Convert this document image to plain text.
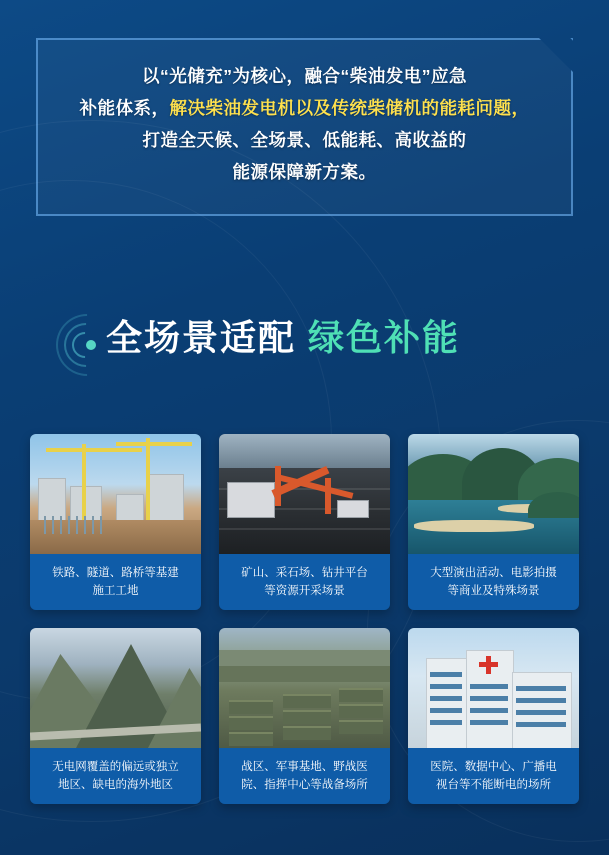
以“光储充”为核心，融合“柴油发电”应急
补能体系，解决柴油发电机以及传统柴储机的能耗问题，
打造全天候、全场景、低能耗、高收益的
能源保障新方案。
全场景适配 绿色补能
铁路、隧道、路桥等基建
施工工地
矿山、采石场、钻井平台
等资源开采场景
大型演出活动、电影拍摄
等商业及特殊场景
无电网覆盖的偏远或独立
地区、缺电的海外地区
战区、军事基地、野战医
院、指挥中心等战备场所
医院、数据中心、广播电
视台等不能断电的场所
